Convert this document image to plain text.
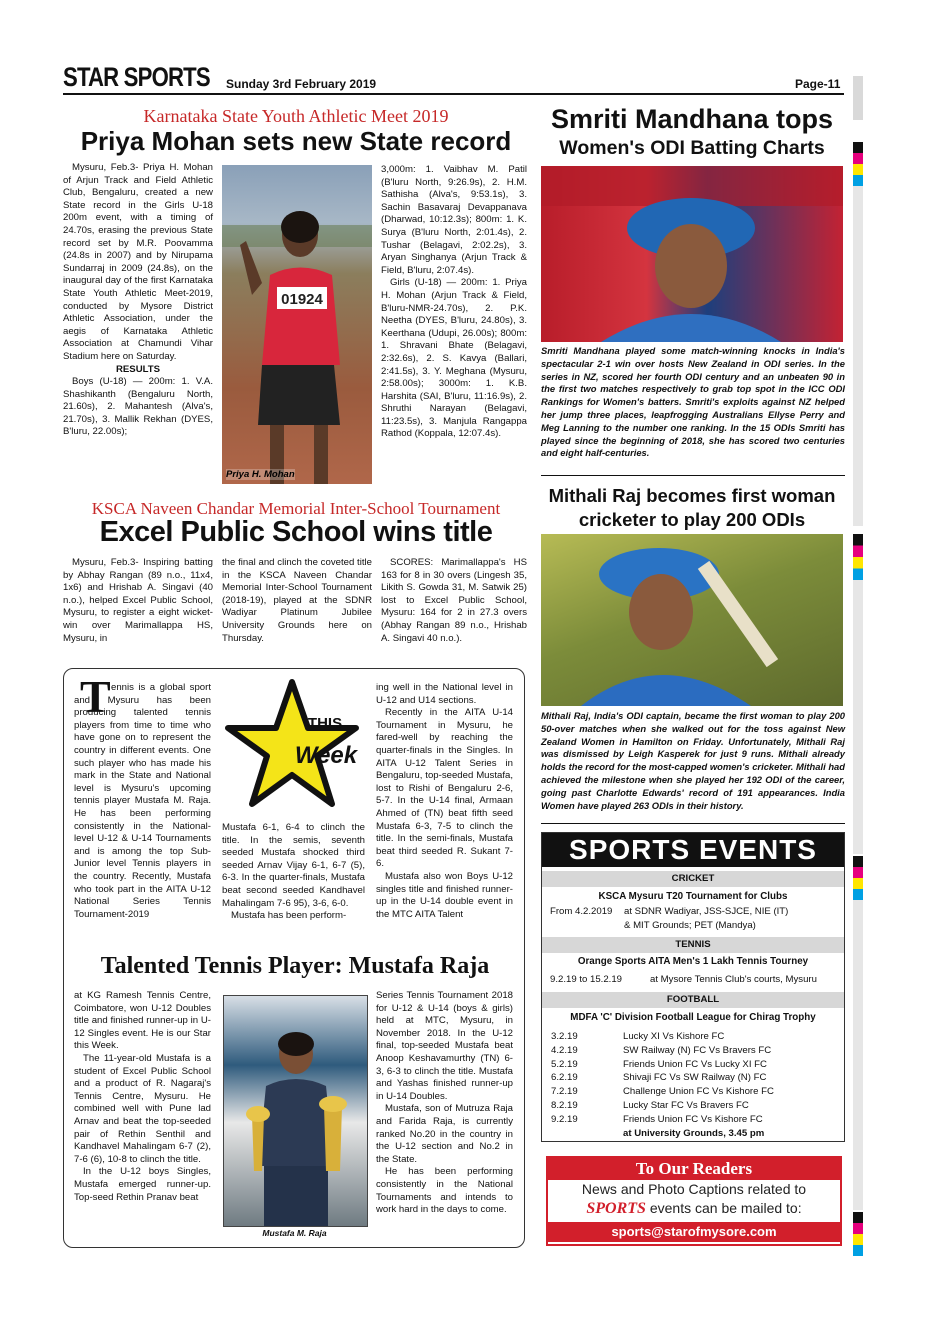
STAR SPORTS Sunday 3rd February 2019	Page-11
Karnataka State Youth Athletic Meet 2019
Priya Mohan sets new State record

Mysuru, Feb.3- Priya H. Mohan of Arjun Track and Field Athletic Club, Bengaluru, created a new State record in the Girls U-18 200m event, with a timing of 24.70s, erasing the previous State record set by M.R. Poovamma (24.8s in 2007) and by Nirupama Sundarraj in 2009 (24.8s), on the inaugural day of the first Karnataka State Youth Athletic Meet-2019, conducted by Mysore District Athletic Association, under the aegis of Karnataka Athletic Association at Chamundi Vihar Stadium here on Saturday.

RESULTS

Boys (U-18) — 200m: 1. V.A. Shashikanth (Bengaluru North, 21.60s), 2. Mahantesh (Alva's, 21.70s), 3. Mallik Rekhan (DYES, B'luru, 22.00s);

01924
Priya H. Mohan

3,000m: 1. Vaibhav M. Patil (B'luru North, 9:26.9s), 2. H.M. Sathisha (Alva's, 9:53.1s), 3. Sachin Basavaraj Devappanava (Dharwad, 10:12.3s); 800m: 1. K. Surya (B'luru North, 2:01.4s), 2. Tushar (Belagavi, 2:02.2s), 3. Aryan Singhanya (Arjun Track & Field, B'luru, 2:07.4s).

Girls (U-18) — 200m: 1. Priya H. Mohan (Arjun Track & Field, B'luru-NMR-24.70s), 2. P.K. Neetha (DYES, B'luru, 24.80s), 3. Keerthana (Udupi, 26.00s); 800m: 1. Shravani Bhate (Belagavi, 2:32.6s), 2. S. Kavya (Ballari, 2:41.5s), 3. Y. Meghana (Mysuru, 2:58.00s); 3000m: 1. K.B. Harshita (SAI, B'luru, 11:16.9s), 2. Shruthi Narayan (Belagavi, 11:23.5s), 3. Manjula Rangappa Rathod (Koppala, 12:07.4s).

KSCA Naveen Chandar Memorial Inter-School Tournament
Excel Public School wins title

Mysuru, Feb.3- Inspiring batting by Abhay Rangan (89 n.o., 11x4, 1x6) and Hrishab A. Singavi (40 n.o.), helped Excel Public School, Mysuru, to register a eight wicket-win over Marimallappa HS, Mysuru, in

the final and clinch the coveted title in the KSCA Naveen Chandar Memorial Inter-School Tournament (2018-19), played at the SDNR Wadiyar Platinum Jubilee University Grounds here on Thursday.

SCORES: Marimallappa's HS 163 for 8 in 30 overs (Lingesh 35, Likith S. Gowda 31, M. Satwik 25) lost to Excel Public School, Mysuru: 164 for 2 in 27.3 overs (Abhay Rangan 89 n.o., Hrishab A. Singavi 40 n.o.).

T ennis is a global sport and Mysuru has been producing talented tennis players from time to time who have gone on to represent the country in different events. One such player who has made his mark in the State and National level is Mysuru's upcoming tennis player Mustafa M. Raja. He has been performing consistently in the National-level U-12 & U-14 Tournaments and is among the top Sub-Junior level Tennis players in the country. Recently, Mustafa who took part in the AITA U-12 National Series Tennis Tournament-2019

THIS
Week

Mustafa 6-1, 6-4 to clinch the title. In the semis, seventh seeded Mustafa shocked third seeded Arnav Vijay 6-1, 6-7 (5), 6-3. In the quarter-finals, Mustafa beat second seeded Kandhavel Mahalingam 7-6 95), 3-6, 6-0.

Mustafa has been perform-

ing well in the National level in U-12 and U14 sections.

Recently in the AITA U-14 Tournament in Mysuru, he fared-well by reaching the quarter-finals in the Singles. In AITA U-12 Talent Series in Bengaluru, top-seeded Mustafa, lost to Rishi of Bengaluru 2-6, 5-7. In the U-14 final, Armaan Ahmed of (TN) beat fifth seed Mustafa 6-3, 7-5 to clinch the title. In the semi-finals, Mustafa beat third seeded R. Sukant 7-6.

Mustafa also won Boys U-12 singles title and finished runner-up in the U-14 double event in the MTC AITA Talent

Talented Tennis Player: Mustafa Raja

at KG Ramesh Tennis Centre, Coimbatore, won U-12 Doubles title and finished runner-up in U-12 Singles event. He is our Star this Week.

The 11-year-old Mustafa is a student of Excel Public School and a product of R. Nagaraj's Tennis Centre, Mysuru. He combined well with Pune lad Arnav and beat the top-seeded pair of Rethin Senthil and Kandhavel Mahalingam 6-7 (2), 7-6 (6), 10-8 to clinch the title.

In the U-12 boys Singles, Mustafa emerged runner-up. Top-seed Rethin Pranav beat

Mustafa M. Raja

Series Tennis Tournament 2018 for U-12 & U-14 (boys & girls) held at MTC, Mysuru, in November 2018. In the U-12 final, top-seeded Mustafa beat Anoop Keshavamurthy (TN) 6-3, 6-3 to clinch the title. Mustafa and Yashas finished runner-up in U-14 Doubles.

Mustafa, son of Mutruza Raja and Farida Raja, is currently ranked No.20 in the country in the U-12 section and No.2 in the State.

He has been performing consistently in the National Tournaments and intends to work hard in the days to come.

Smriti Mandhana tops
Women's ODI Batting Charts
Smriti Mandhana played some match-winning knocks in India's spectacular 2-1 win over hosts New Zealand in ODI series. In the series in NZ, scored her fourth ODI century and an unbeaten 90 in the first two matches respectively to grab top spot in the ICC ODI Rankings for Women's batters. Smriti's exploits against NZ helped her jump three places, leapfrogging Australians Ellyse Perry and Meg Lanning to the number one ranking. In the 15 ODIs Smriti has played since the beginning of 2018, she has scored two centuries and eight half-centuries.
Mithali Raj becomes first woman
cricketer to play 200 ODIs
Mithali Raj, India's ODI captain, became the first woman to play 200 50-over matches when she walked out for the toss against New Zealand Women in Hamilton on Friday. Unfortunately, Mithali Raj was dismissed by Leigh Kasperek for just 9 runs. Mithali already holds the record for the most-capped women's cricketer. Mithali had achieved the milestone when she played her 192 ODI of the career, going past Charlotte Edwards' record of 191 appearances. India Women have played 263 ODIs in their history.
SPORTS EVENTS
CRICKET
KSCA Mysuru T20 Tournament for Clubs
From 4.2.2019	at SDNR Wadiyar, JSS-SJCE, NIE (IT)
& MIT Grounds; PET (Mandya)
TENNIS
Orange Sports AITA Men's 1 Lakh Tennis Tourney
9.2.19 to 15.2.19	at Mysore Tennis Club's courts, Mysuru
FOOTBALL
MDFA 'C' Division Football League for Chirag Trophy
3.2.19	Lucky XI Vs Kishore FC
4.2.19	SW Railway (N) FC Vs Bravers FC
5.2.19	Friends Union FC Vs Lucky XI FC
6.2.19	Shivaji FC Vs SW Railway (N) FC
7.2.19	Challenge Union FC Vs Kishore FC
8.2.19	Lucky Star FC Vs Bravers FC
9.2.19	Friends Union FC Vs Kishore FC
at University Grounds, 3.45 pm
To Our Readers
News and Photo Captions related to
SPORTS events can be mailed to:
sports@starofmysore.com
